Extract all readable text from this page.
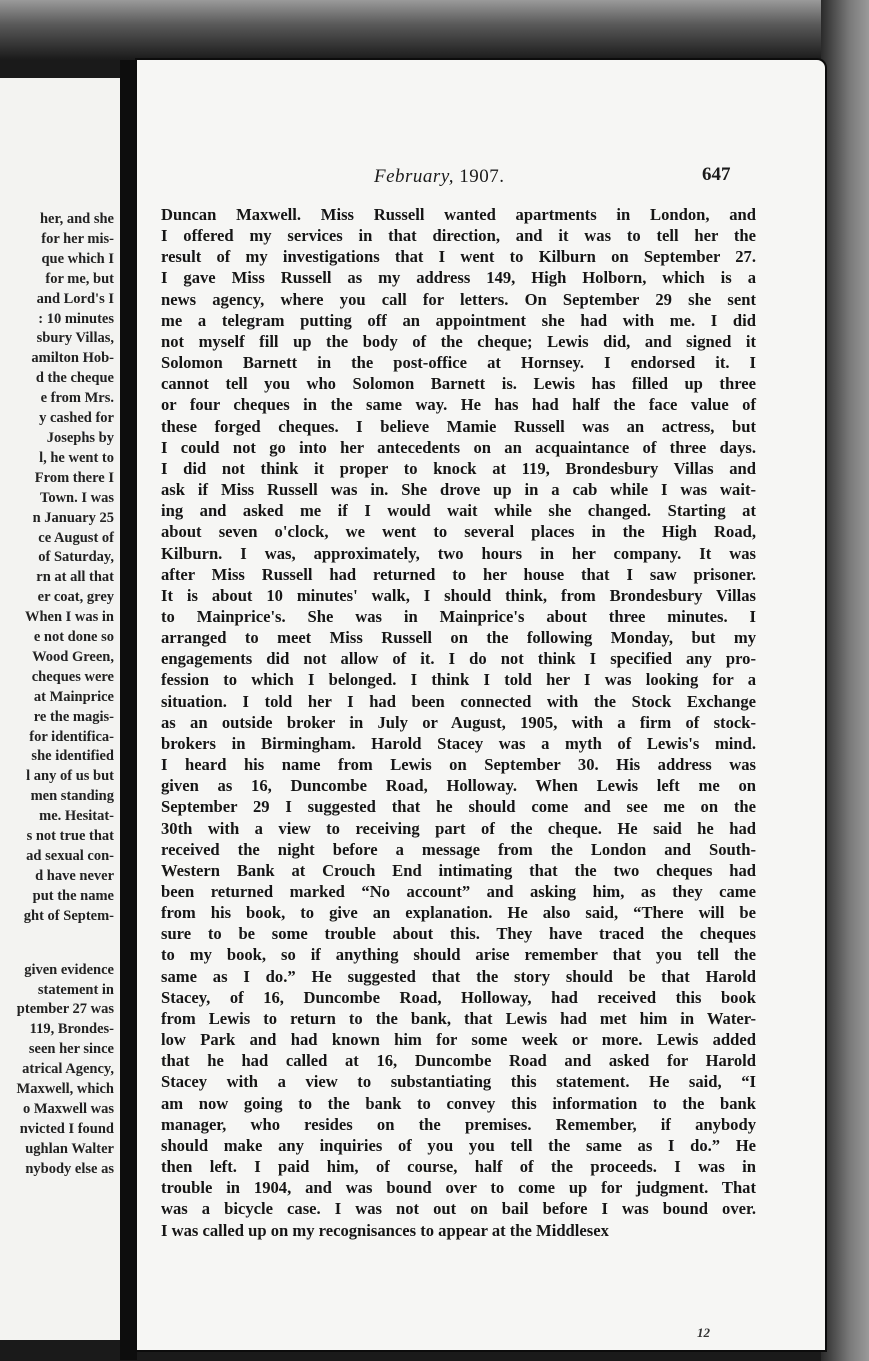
her, and she
for her mis-
que which I
for me, but
and Lord's I
: 10 minutes
sbury Villas,
amilton Hob-
d the cheque
e from Mrs.
y cashed for
Josephs by
l, he went to
From there I
Town. I was
n January 25
ce August of
of Saturday,
rn at all that
er coat, grey
When I was in
e not done so
Wood Green,
cheques were
at Mainprice
re the magis-
for identifica-
she identified
l any of us but
men standing
me. Hesitat-
s not true that
ad sexual con-
d have never
put the name
ght of Septem-
given evidence
statement in
ptember 27 was
119, Brondes-
seen her since
atrical Agency,
Maxwell, which
o Maxwell was
nvicted I found
ughlan Walter
nybody else as
February, 1907.	647
Duncan Maxwell. Miss Russell wanted apartments in London, and
I offered my services in that direction, and it was to tell her the
result of my investigations that I went to Kilburn on September 27.
I gave Miss Russell as my address 149, High Holborn, which is a
news agency, where you call for letters. On September 29 she sent
me a telegram putting off an appointment she had with me. I did
not myself fill up the body of the cheque; Lewis did, and signed it
Solomon Barnett in the post-office at Hornsey. I endorsed it. I
cannot tell you who Solomon Barnett is. Lewis has filled up three
or four cheques in the same way. He has had half the face value of
these forged cheques. I believe Mamie Russell was an actress, but
I could not go into her antecedents on an acquaintance of three days.
I did not think it proper to knock at 119, Brondesbury Villas and
ask if Miss Russell was in. She drove up in a cab while I was wait-
ing and asked me if I would wait while she changed. Starting at
about seven o'clock, we went to several places in the High Road,
Kilburn. I was, approximately, two hours in her company. It was
after Miss Russell had returned to her house that I saw prisoner.
It is about 10 minutes' walk, I should think, from Brondesbury Villas
to Mainprice's. She was in Mainprice's about three minutes. I
arranged to meet Miss Russell on the following Monday, but my
engagements did not allow of it. I do not think I specified any pro-
fession to which I belonged. I think I told her I was looking for a
situation. I told her I had been connected with the Stock Exchange
as an outside broker in July or August, 1905, with a firm of stock-
brokers in Birmingham. Harold Stacey was a myth of Lewis's mind.
I heard his name from Lewis on September 30. His address was
given as 16, Duncombe Road, Holloway. When Lewis left me on
September 29 I suggested that he should come and see me on the
30th with a view to receiving part of the cheque. He said he had
received the night before a message from the London and South-
Western Bank at Crouch End intimating that the two cheques had
been returned marked “No account” and asking him, as they came
from his book, to give an explanation. He also said, “There will be
sure to be some trouble about this. They have traced the cheques
to my book, so if anything should arise remember that you tell the
same as I do.” He suggested that the story should be that Harold
Stacey, of 16, Duncombe Road, Holloway, had received this book
from Lewis to return to the bank, that Lewis had met him in Water-
low Park and had known him for some week or more. Lewis added
that he had called at 16, Duncombe Road and asked for Harold
Stacey with a view to substantiating this statement. He said, “I
am now going to the bank to convey this information to the bank
manager, who resides on the premises. Remember, if anybody
should make any inquiries of you you tell the same as I do.” He
then left. I paid him, of course, half of the proceeds. I was in
trouble in 1904, and was bound over to come up for judgment. That
was a bicycle case. I was not out on bail before I was bound over.
I was called up on my recognisances to appear at the Middlesex
12
